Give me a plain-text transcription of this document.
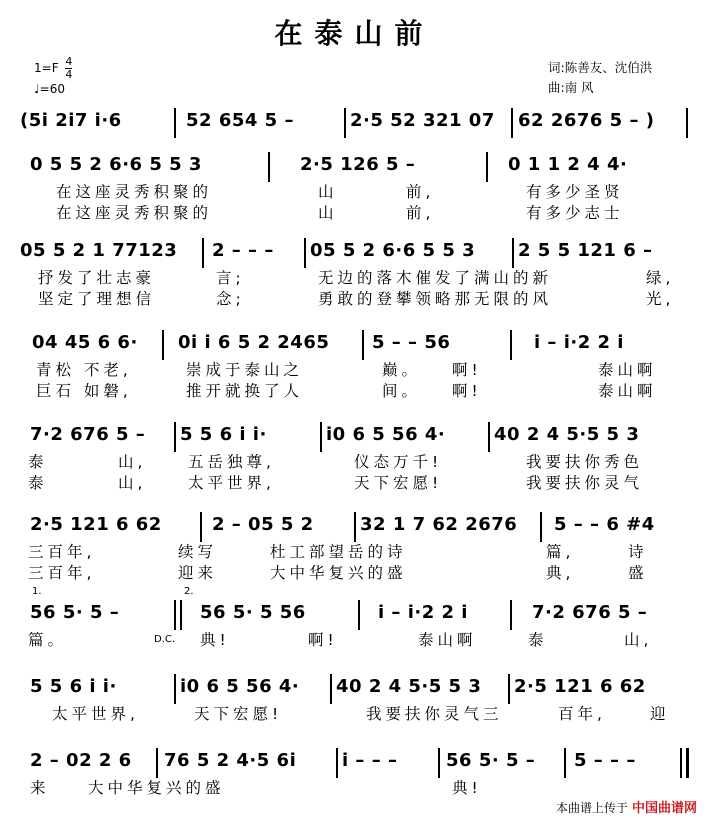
在泰山前
$1=F \frac{4}{4}$
♩=60
词:陈善友、沈伯洪
曲:南 风
(5i 2i7 i·6	52 654 5 –	2·5 52 321 07 62 2676 5 – )
0 5 5 2 6·6 5 5 3	2·5 126 5 –	0 1 1 2 4 4·
在这座灵秀积聚的	山	前,	有多少圣贤
在这座灵秀积聚的	山	前,	有多少志士
05 5 2 1 77123 2 – – – 05 5 2 6·6 5 5 3 2 5 5 121 6 –
抒发了壮志豪	言;	无边的落木催发了满山的新	绿,
坚定了理想信	念;	勇敢的登攀领略那无限的风	光,
04 45 6 6· 0i i 6 5 2 2465 5 – – 56	i – i·2 2 i
青松 不老,	崇成于泰山之	巅。 啊!	泰山啊
巨石 如磐,	推开就换了人	间。 啊!	泰山啊
7·2 676 5 – 5 5 6 i i·	i0 6 5 56 4·	40 2 4 5·5 5 3
泰	山,	五岳独尊,	仪态万千!	我要扶你秀色
泰	山,	太平世界,	天下宏愿!	我要扶你灵气
2·5 121 6 62	2 – 05 5 2	32 1 7 62 2676 5 – – 6 #4
三百年,	续写	杜工部望岳的诗	篇,	诗
三百年,	迎来	大中华复兴的盛	典,	盛
1.	2.
56 5· 5 –	56 5· 5 56	i – i·2 2 i	7·2 676 5 –
D.C.
篇。	典!	啊!	泰山啊	泰	山,
5 5 6 i i·	i0 6 5 56 4· 40 2 4 5·5 5 3 2·5 121 6 62
太平世界,	天下宏愿!	我要扶你灵气三	百年,	迎
2 – 02 2 6 76 5 2 4·5 6i	i – – –	56 5· 5 – 5 – – –
来 大中华复兴的盛	典!
本曲谱上传于 中国曲谱网
